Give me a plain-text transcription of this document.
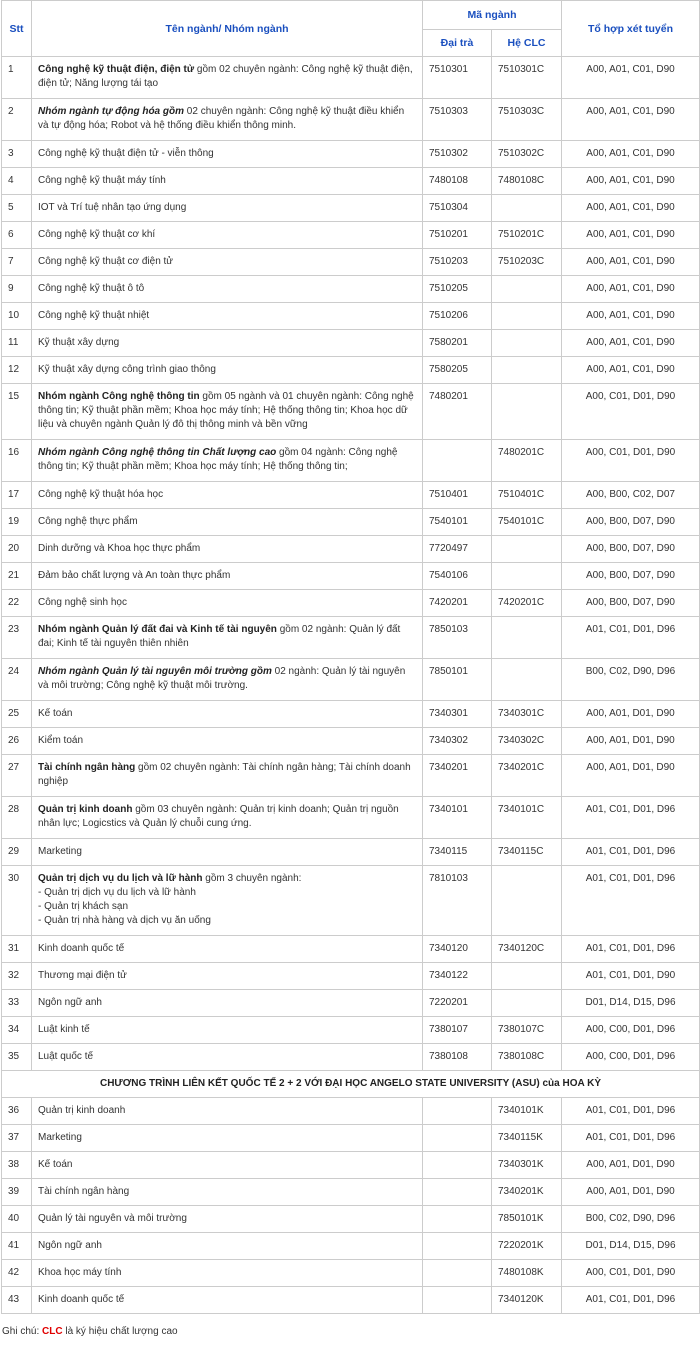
Stt	Tên ngành/ Nhóm ngành	Mã ngành		Tổ hợp xét tuyển
		Đại trà	Hệ CLC	
1	Công nghệ kỹ thuật điện, điện tử gồm 02 chuyên ngành: Công nghệ kỹ thuật điện, điện tử; Năng lượng tái tạo	7510301	7510301C	A00, A01, C01, D90
2	Nhóm ngành tự động hóa gồm 02 chuyên ngành: Công nghệ kỹ thuật điều khiển và tự động hóa; Robot và hệ thống điều khiển thông minh.	7510303	7510303C	A00, A01, C01, D90
3	Công nghệ kỹ thuật điện tử - viễn thông	7510302	7510302C	A00, A01, C01, D90
4	Công nghệ kỹ thuật máy tính	7480108	7480108C	A00, A01, C01, D90
5	IOT và Trí tuệ nhân tạo ứng dụng	7510304		A00, A01, C01, D90
6	Công nghệ kỹ thuật cơ khí	7510201	7510201C	A00, A01, C01, D90
7	Công nghệ kỹ thuật cơ điện tử	7510203	7510203C	A00, A01, C01, D90
9	Công nghệ kỹ thuật ô tô	7510205		A00, A01, C01, D90
10	Công nghệ kỹ thuật nhiệt	7510206		A00, A01, C01, D90
11	Kỹ thuật xây dựng	7580201		A00, A01, C01, D90
12	Kỹ thuật xây dựng công trình giao thông	7580205		A00, A01, C01, D90
15	Nhóm ngành Công nghệ thông tin gồm 05 ngành và 01 chuyên ngành: Công nghệ thông tin; Kỹ thuật phần mềm; Khoa học máy tính; Hệ thống thông tin; Khoa học dữ liệu và chuyên ngành Quản lý đô thị thông minh và bền vững	7480201		A00, C01, D01, D90
16	Nhóm ngành Công nghệ thông tin Chất lượng cao gồm 04 ngành: Công nghệ thông tin; Kỹ thuật phần mềm; Khoa học máy tính; Hệ thống thông tin;		7480201C	A00, C01, D01, D90
17	Công nghệ kỹ thuật hóa học	7510401	7510401C	A00, B00, C02, D07
19	Công nghệ thực phẩm	7540101	7540101C	A00, B00, D07, D90
20	Dinh dưỡng và Khoa học thực phẩm	7720497		A00, B00, D07, D90
21	Đảm bảo chất lượng và An toàn thực phẩm	7540106		A00, B00, D07, D90
22	Công nghệ sinh học	7420201	7420201C	A00, B00, D07, D90
23	Nhóm ngành Quản lý đất đai và Kinh tế tài nguyên gồm 02 ngành: Quản lý đất đai; Kinh tế tài nguyên thiên nhiên	7850103		A01, C01, D01, D96
24	Nhóm ngành Quản lý tài nguyên môi trường gồm 02 ngành: Quản lý tài nguyên và môi trường; Công nghệ kỹ thuật môi trường.	7850101		B00, C02, D90, D96
25	Kế toán	7340301	7340301C	A00, A01, D01, D90
26	Kiểm toán	7340302	7340302C	A00, A01, D01, D90
27	Tài chính ngân hàng gồm 02 chuyên ngành: Tài chính ngân hàng; Tài chính doanh nghiệp	7340201	7340201C	A00, A01, D01, D90
28	Quản trị kinh doanh gồm 03 chuyên ngành: Quản trị kinh doanh; Quản trị nguồn nhân lực; Logicstics và Quản lý chuỗi cung ứng.	7340101	7340101C	A01, C01, D01, D96
29	Marketing	7340115	7340115C	A01, C01, D01, D96
30	Quản trị dịch vụ du lịch và lữ hành gồm 3 chuyên ngành:
- Quản trị dịch vụ du lịch và lữ hành
- Quản trị khách sạn
- Quản trị nhà hàng và dịch vụ ăn uống	7810103		A01, C01, D01, D96
31	Kinh doanh quốc tế	7340120	7340120C	A01, C01, D01, D96
32	Thương mại điện tử	7340122		A01, C01, D01, D90
33	Ngôn ngữ anh	7220201		D01, D14, D15, D96
34	Luật kinh tế	7380107	7380107C	A00, C00, D01, D96
35	Luật quốc tế	7380108	7380108C	A00, C00, D01, D96
CHƯƠNG TRÌNH LIÊN KẾT QUỐC TẾ 2 + 2 VỚI ĐẠI HỌC ANGELO STATE UNIVERSITY (ASU) của HOA KỲ				
36	Quản trị kinh doanh		7340101K	A01, C01, D01, D96
37	Marketing		7340115K	A01, C01, D01, D96
38	Kế toán		7340301K	A00, A01, D01, D90
39	Tài chính ngân hàng		7340201K	A00, A01, D01, D90
40	Quản lý tài nguyên và môi trường		7850101K	B00, C02, D90, D96
41	Ngôn ngữ anh		7220201K	D01, D14, D15, D96
42	Khoa học máy tính		7480108K	A00, C01, D01, D90
43	Kinh doanh quốc tế		7340120K	A01, C01, D01, D96
Ghi chú: CLC là ký hiệu chất lượng cao
